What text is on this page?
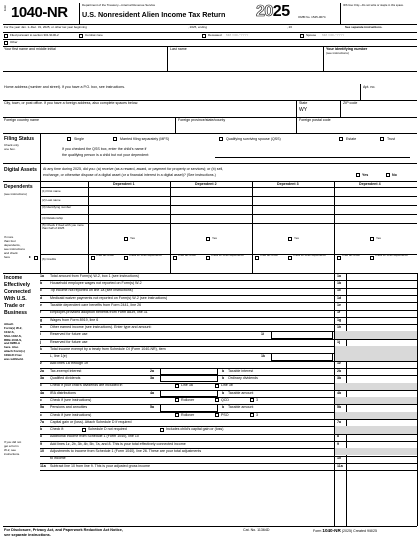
Form 1040-NR	Department of the Treasury—Internal Revenue Service
U.S. Nonresident Alien Income Tax Return 2025	OMB No. 1545-0074
IRS Use Only—Do not write or staple in this space.
For the year Jan. 1–Dec. 31, 2025, or other tax year beginning	, 2025, ending	, 20	See separate instructions.
Filed pursuant to section 301.9100-2	Combat zone	Deceased MM / DD / YYYY	Spouse MM / DD / YYYY
Other
Your first name and middle initial	Last name	Your identifying number
(see instructions)
Home address (number and street). If you have a P.O. box, see instructions.	Apt. no.
City, town, or post office. If you have a foreign address, also complete spaces below.	State
WY
ZIP code
Foreign country name	Foreign province/state/county	Foreign postal code
Filing Status
Check only
one box.
Single	Married filing separately (MFS)	Qualifying surviving spouse (QSS)	Estate	Trust
If you checked the QSS box, enter the child's name if
the qualifying person is a child but not your dependent:
Digital Assets At any time during 2025, did you: (a) receive (as a reward, award, or payment for property or services); or (b) sell,
exchange, or otherwise dispose of a digital asset (or a financial interest in a digital asset)? (See instructions.)	Yes	No
Dependents
(see instructions)
If more
than four
dependents,
see instructions
and check
here	▸
Dependent 1	Dependent 2	Dependent 3	Dependent 4
(1) First name
(2) Last name
(3) Identifying number
(4) Relationship
(5) Check if lived with you more than half of 2025
(6) Credits
Yes	Yes	Yes	Yes
Child tax credit	Credit for other dependents	Child tax credit	Credit for other dependents	Child tax credit	Credit for other dependents	Child tax credit	Credit for other dependents
Income
Effectively
Connected
With U.S.
Trade or
Business
Attach
Form(s) W-2,
1042-S,
SSA-1042-S,
RRB-1042-S,
and 8288-A
here. Also
attach Form(s)
1099-R if tax
was withheld.
If you did not
get a Form
W-2, see
instructions.
1a Total amount from Form(s) W-2, box 1 (see instructions)	1a
b Household employee wages not reported on Form(s) W-2	1b
c Tip income not reported on line 1a (see instructions)	1c
d Medicaid waiver payments not reported on Form(s) W-2 (see instructions)	1d
e Taxable dependent care benefits from Form 2441, line 26	1e
f Employer-provided adoption benefits from Form 8839, line 31	1f
g Wages from Form 8919, line 6	1g
h Other earned income (see instructions). Enter type and amount:	1h
i	Reserved for future use	1i
j	Reserved for future use	1j
k Total income exempt by a treaty from Schedule OI (Form 1040-NR), item
L, line 1(e)	1k
z Add lines 1a through 1h	1z
2a Tax-exempt interest	2a	b Taxable interest	2b
3a Qualified dividends	3a	b Ordinary dividends	3b
c Check if your child's dividends are included in	Line 3a	Line 3b
4a IRA distributions	4a	b Taxable amount	4b
c Check if (see instructions)	Rollover	QCD	3
5a Pensions and annuities	5a	b Taxable amount	5b
c Check if (see instructions)	Rollover	PSO	3
7a Capital gain or (loss). Attach Schedule D if required	7a
b Check if:	Schedule D not required	Includes child's capital gain or (loss)
8 Additional income from Schedule 1 (Form 1040), line 10	8
9 Add lines 1z, 2b, 3b, 4b, 5b, 7a, and 8. This is your total effectively connected income	9
10 Adjustments to income from Schedule 1 (Form 1040), line 26. These are your total adjustments
to income	10
11a Subtract line 10 from line 9. This is your adjusted gross income	11a
For Disclosure, Privacy Act, and Paperwork Reduction Act Notice,
see separate instructions.
Cat. No. 11364D	Form 1040-NR (2025) Created 9/8/25
